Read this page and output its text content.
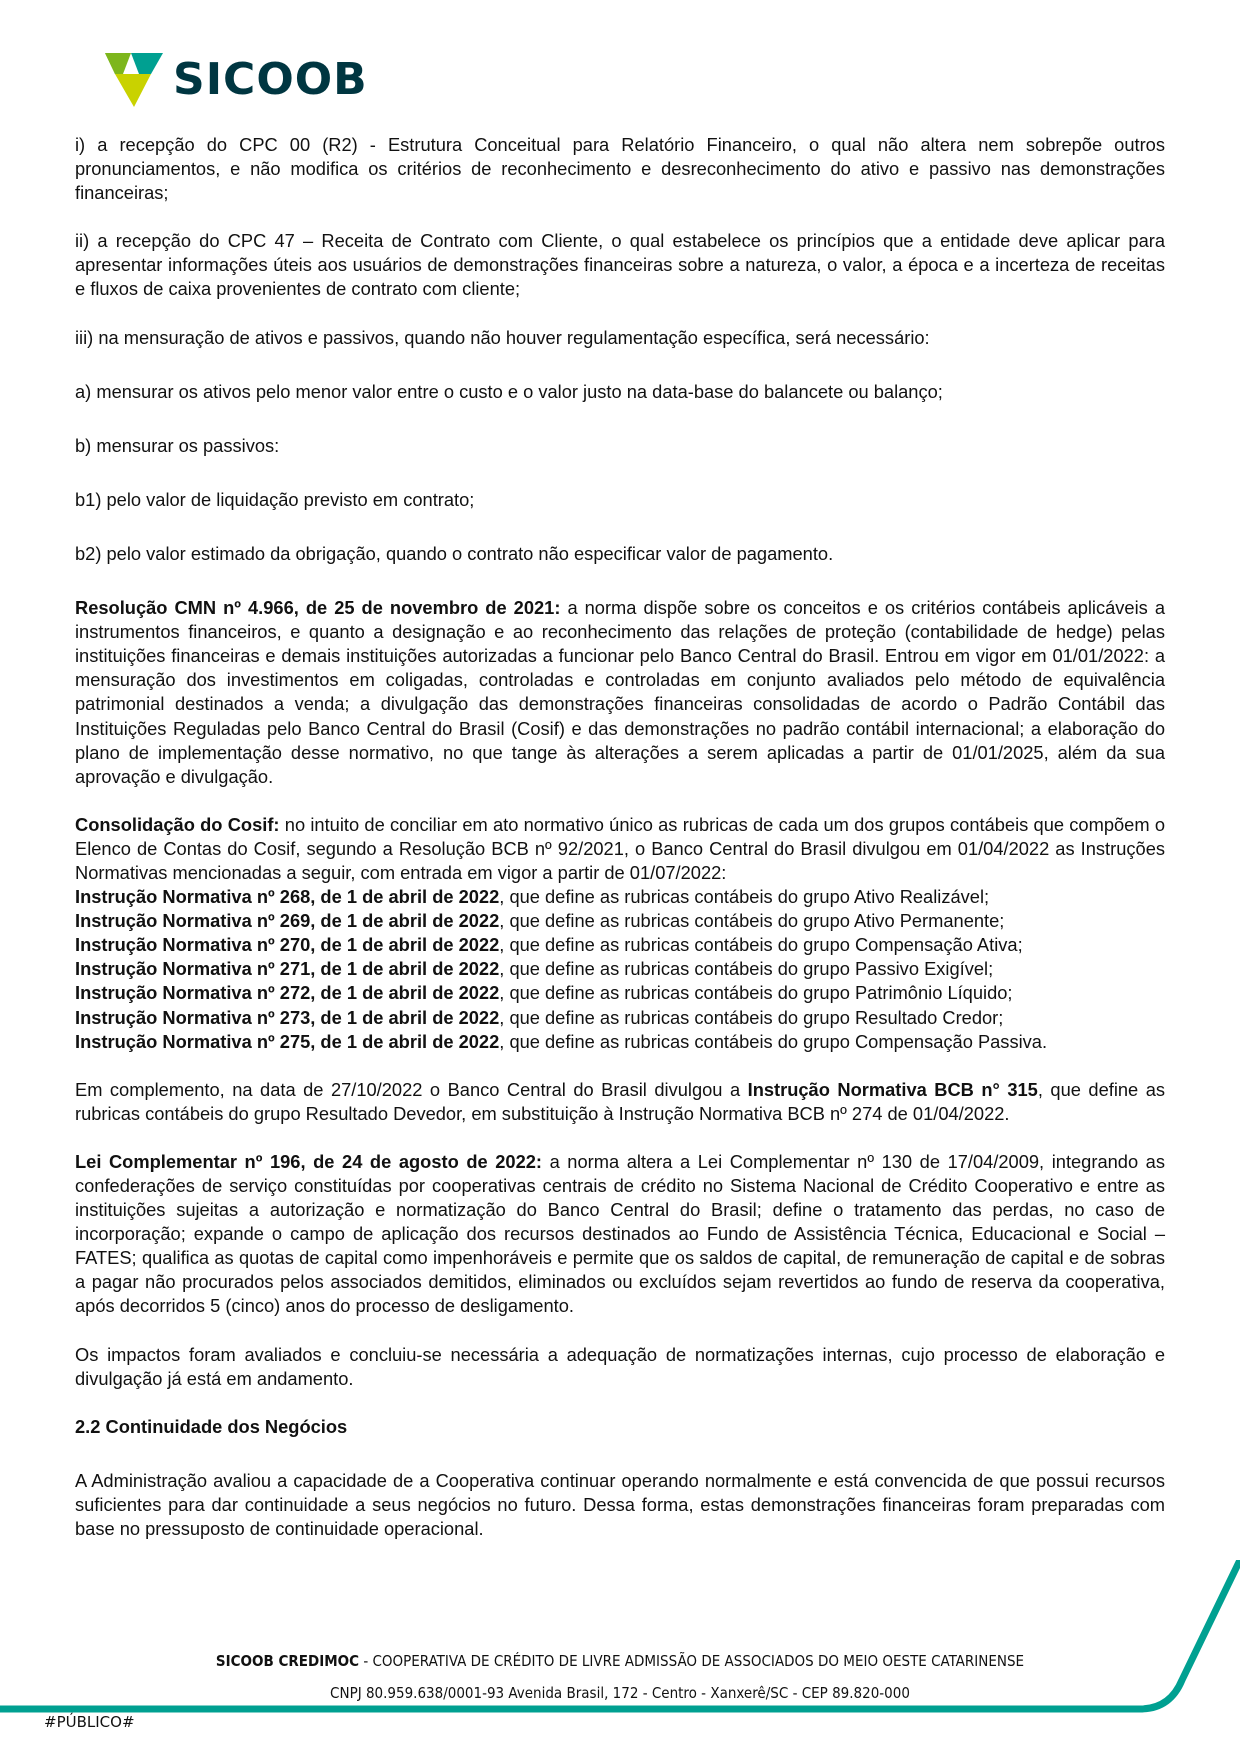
SICOOB

i) a recepção do CPC 00 (R2) - Estrutura Conceitual para Relatório Financeiro, o qual não altera nem sobrepõe outros pronunciamentos, e não modifica os critérios de reconhecimento e desreconhecimento do ativo e passivo nas demonstrações financeiras;

ii) a recepção do CPC 47 – Receita de Contrato com Cliente, o qual estabelece os princípios que a entidade deve aplicar para apresentar informações úteis aos usuários de demonstrações financeiras sobre a natureza, o valor, a época e a incerteza de receitas e fluxos de caixa provenientes de contrato com cliente;

iii) na mensuração de ativos e passivos, quando não houver regulamentação específica, será necessário:

a) mensurar os ativos pelo menor valor entre o custo e o valor justo na data-base do balancete ou balanço;

b) mensurar os passivos:

b1) pelo valor de liquidação previsto em contrato;

b2) pelo valor estimado da obrigação, quando o contrato não especificar valor de pagamento.

Resolução CMN nº 4.966, de 25 de novembro de 2021: a norma dispõe sobre os conceitos e os critérios contábeis aplicáveis a instrumentos financeiros, e quanto a designação e ao reconhecimento das relações de proteção (contabilidade de hedge) pelas instituições financeiras e demais instituições autorizadas a funcionar pelo Banco Central do Brasil. Entrou em vigor em 01/01/2022: a mensuração dos investimentos em coligadas, controladas e controladas em conjunto avaliados pelo método de equivalência patrimonial destinados a venda; a divulgação das demonstrações financeiras consolidadas de acordo o Padrão Contábil das Instituições Reguladas pelo Banco Central do Brasil (Cosif) e das demonstrações no padrão contábil internacional; a elaboração do plano de implementação desse normativo, no que tange às alterações a serem aplicadas a partir de 01/01/2025, além da sua aprovação e divulgação.

Consolidação do Cosif: no intuito de conciliar em ato normativo único as rubricas de cada um dos grupos contábeis que compõem o Elenco de Contas do Cosif, segundo a Resolução BCB nº 92/2021, o Banco Central do Brasil divulgou em 01/04/2022 as Instruções Normativas mencionadas a seguir, com entrada em vigor a partir de 01/07/2022:
Instrução Normativa nº 268, de 1 de abril de 2022, que define as rubricas contábeis do grupo Ativo Realizável;
Instrução Normativa nº 269, de 1 de abril de 2022, que define as rubricas contábeis do grupo Ativo Permanente;
Instrução Normativa nº 270, de 1 de abril de 2022, que define as rubricas contábeis do grupo Compensação Ativa;
Instrução Normativa nº 271, de 1 de abril de 2022, que define as rubricas contábeis do grupo Passivo Exigível;
Instrução Normativa nº 272, de 1 de abril de 2022, que define as rubricas contábeis do grupo Patrimônio Líquido;
Instrução Normativa nº 273, de 1 de abril de 2022, que define as rubricas contábeis do grupo Resultado Credor;
Instrução Normativa nº 275, de 1 de abril de 2022, que define as rubricas contábeis do grupo Compensação Passiva.

Em complemento, na data de 27/10/2022 o Banco Central do Brasil divulgou a Instrução Normativa BCB n° 315, que define as rubricas contábeis do grupo Resultado Devedor, em substituição à Instrução Normativa BCB nº 274 de 01/04/2022.

Lei Complementar nº 196, de 24 de agosto de 2022: a norma altera a Lei Complementar nº 130 de 17/04/2009, integrando as confederações de serviço constituídas por cooperativas centrais de crédito no Sistema Nacional de Crédito Cooperativo e entre as instituições sujeitas a autorização e normatização do Banco Central do Brasil; define o tratamento das perdas, no caso de incorporação; expande o campo de aplicação dos recursos destinados ao Fundo de Assistência Técnica, Educacional e Social – FATES; qualifica as quotas de capital como impenhoráveis e permite que os saldos de capital, de remuneração de capital e de sobras a pagar não procurados pelos associados demitidos, eliminados ou excluídos sejam revertidos ao fundo de reserva da cooperativa, após decorridos 5 (cinco) anos do processo de desligamento.

Os impactos foram avaliados e concluiu-se necessária a adequação de normatizações internas, cujo processo de elaboração e divulgação já está em andamento.

2.2 Continuidade dos Negócios

A Administração avaliou a capacidade de a Cooperativa continuar operando normalmente e está convencida de que possui recursos suficientes para dar continuidade a seus negócios no futuro. Dessa forma, estas demonstrações financeiras foram preparadas com base no pressuposto de continuidade operacional.

SICOOB CREDIMOC - COOPERATIVA DE CRÉDITO DE LIVRE ADMISSÃO DE ASSOCIADOS DO MEIO OESTE CATARINENSE
CNPJ 80.959.638/0001-93 Avenida Brasil, 172 - Centro - Xanxerê/SC - CEP 89.820-000
#PÚBLICO#
